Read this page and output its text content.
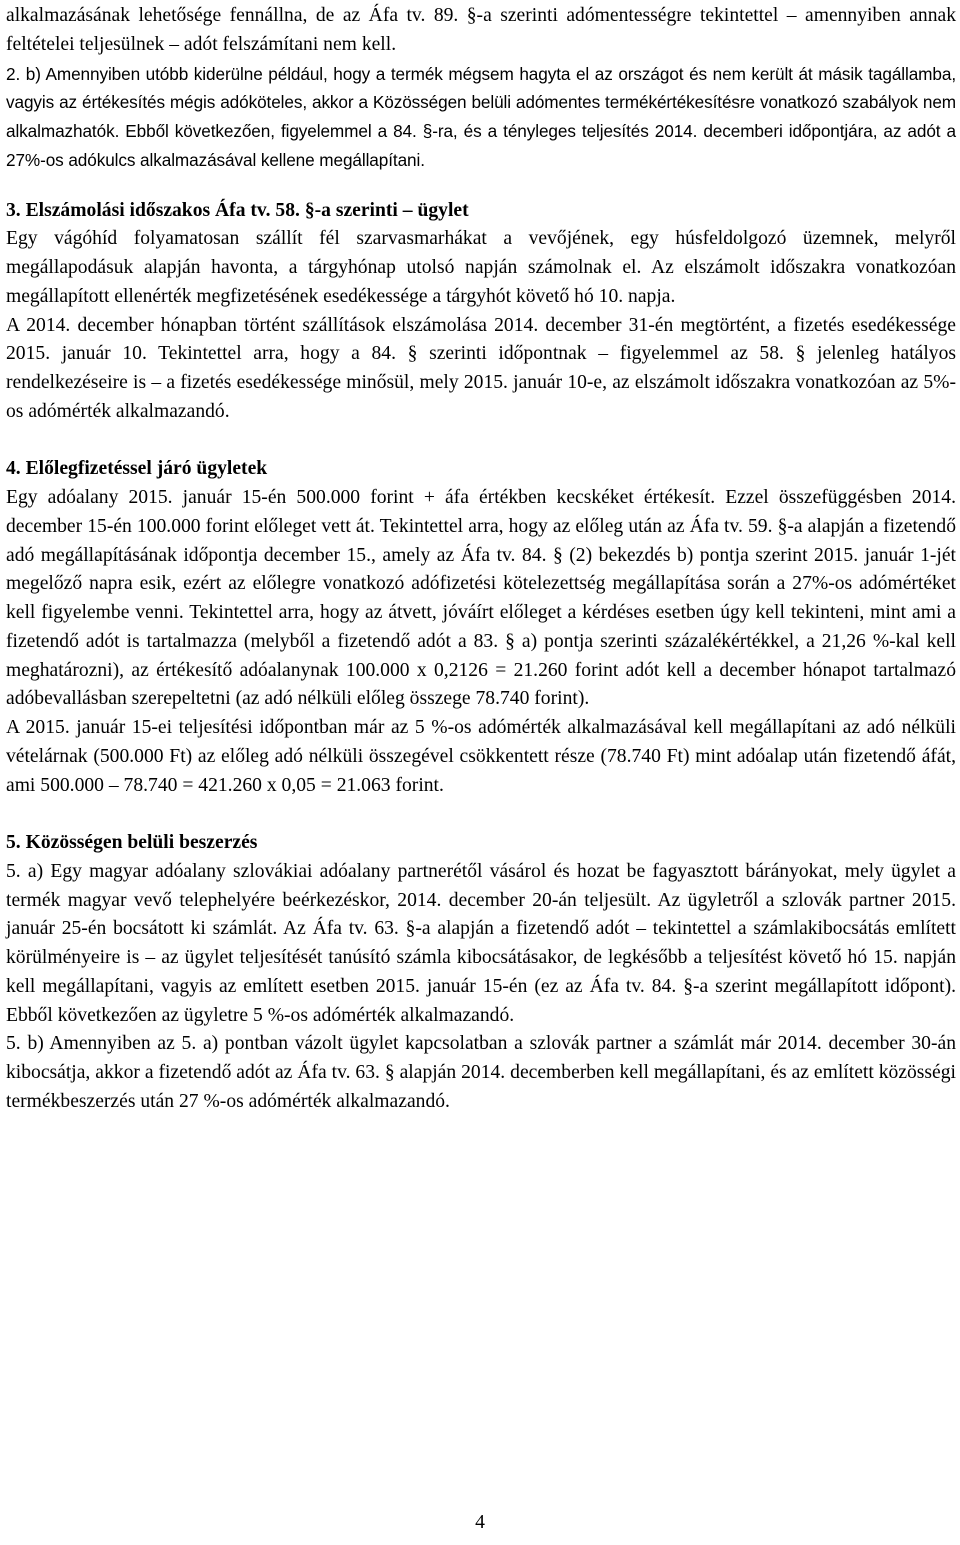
alkalmazásának lehetősége fennállna, de az Áfa tv. 89. §-a szerinti adómentességre tekintettel – amennyiben annak feltételei teljesülnek – adót felszámítani nem kell.

2. b) Amennyiben utóbb kiderülne például, hogy a termék mégsem hagyta el az országot és nem került át másik tagállamba, vagyis az értékesítés mégis adóköteles, akkor a Közösségen belüli adómentes termékértékesítésre vonatkozó szabályok nem alkalmazhatók. Ebből következően, figyelemmel a 84. §-ra, és a tényleges teljesítés 2014. decemberi időpontjára, az adót a 27%-os adókulcs alkalmazásával kellene megállapítani.

3. Elszámolási időszakos Áfa tv. 58. §-a szerinti – ügylet

Egy vágóhíd folyamatosan szállít fél szarvasmarhákat a vevőjének, egy húsfeldolgozó üzemnek, melyről megállapodásuk alapján havonta, a tárgyhónap utolsó napján számolnak el. Az elszámolt időszakra vonatkozóan megállapított ellenérték megfizetésének esedékessége a tárgyhót követő hó 10. napja.

A 2014. december hónapban történt szállítások elszámolása 2014. december 31-én megtörtént, a fizetés esedékessége 2015. január 10. Tekintettel arra, hogy a 84. § szerinti időpontnak – figyelemmel az 58. § jelenleg hatályos rendelkezéseire is – a fizetés esedékessége minősül, mely 2015. január 10-e, az elszámolt időszakra vonatkozóan az 5%-os adómérték alkalmazandó.

4. Előlegfizetéssel járó ügyletek

Egy adóalany 2015. január 15-én 500.000 forint + áfa értékben kecskéket értékesít. Ezzel összefüggésben 2014. december 15-én 100.000 forint előleget vett át. Tekintettel arra, hogy az előleg után az Áfa tv. 59. §-a alapján a fizetendő adó megállapításának időpontja december 15., amely az Áfa tv. 84. § (2) bekezdés b) pontja szerint 2015. január 1-jét megelőző napra esik, ezért az előlegre vonatkozó adófizetési kötelezettség megállapítása során a 27%-os adómértéket kell figyelembe venni. Tekintettel arra, hogy az átvett, jóváírt előleget a kérdéses esetben úgy kell tekinteni, mint ami a fizetendő adót is tartalmazza (melyből a fizetendő adót a 83. § a) pontja szerinti százalékértékkel, a 21,26 %-kal kell meghatározni), az értékesítő adóalanynak 100.000 x 0,2126 = 21.260 forint adót kell a december hónapot tartalmazó adóbevallásban szerepeltetni (az adó nélküli előleg összege 78.740 forint).

A 2015. január 15-ei teljesítési időpontban már az 5 %-os adómérték alkalmazásával kell megállapítani az adó nélküli vételárnak (500.000 Ft) az előleg adó nélküli összegével csökkentett része (78.740 Ft) mint adóalap után fizetendő áfát, ami 500.000 – 78.740 = 421.260 x 0,05 = 21.063 forint.

5. Közösségen belüli beszerzés

5. a) Egy magyar adóalany szlovákiai adóalany partnerétől vásárol és hozat be fagyasztott bárányokat, mely ügylet a termék magyar vevő telephelyére beérkezéskor, 2014. december 20-án teljesült. Az ügyletről a szlovák partner 2015. január 25-én bocsátott ki számlát. Az Áfa tv. 63. §-a alapján a fizetendő adót – tekintettel a számlakibocsátás említett körülményeire is – az ügylet teljesítését tanúsító számla kibocsátásakor, de legkésőbb a teljesítést követő hó 15. napján kell megállapítani, vagyis az említett esetben 2015. január 15-én (ez az Áfa tv. 84. §-a szerint megállapított időpont). Ebből következően az ügyletre 5 %-os adómérték alkalmazandó.

5. b) Amennyiben az 5. a) pontban vázolt ügylet kapcsolatban a szlovák partner a számlát már 2014. december 30-án kibocsátja, akkor a fizetendő adót az Áfa tv. 63. § alapján 2014. decemberben kell megállapítani, és az említett közösségi termékbeszerzés után 27 %-os adómérték alkalmazandó.

4
